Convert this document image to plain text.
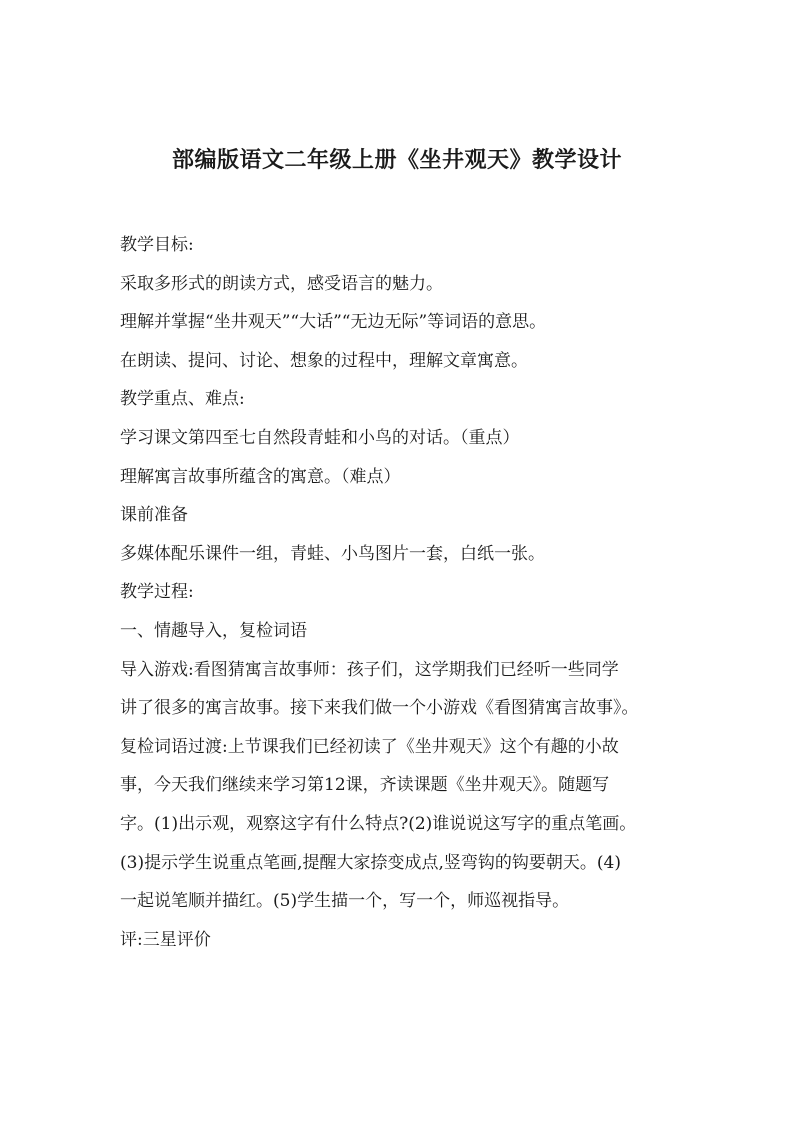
部编版语文二年级上册《坐井观天》教学设计

教学目标:

采取多形式的朗读方式，感受语言的魅力。

理解并掌握“坐井观天”“大话”“无边无际”等词语的意思。

在朗读、提问、讨论、想象的过程中，理解文章寓意。

教学重点、难点:

学习课文第四至七自然段青蛙和小鸟的对话。（重点）

理解寓言故事所蕴含的寓意。（难点）

课前准备

多媒体配乐课件一组，青蛙、小鸟图片一套，白纸一张。

教学过程:

一、情趣导入，复检词语

导入游戏:看图猜寓言故事师：孩子们，这学期我们已经听一些同学

讲了很多的寓言故事。接下来我们做一个小游戏《看图猜寓言故事》。

复检词语过渡:上节课我们已经初读了《坐井观天》这个有趣的小故

事，今天我们继续来学习第12课，齐读课题《坐井观天》。随题写

字。(1)出示观，观察这字有什么特点?(2)谁说说这写字的重点笔画。

(3)提示学生说重点笔画,提醒大家捺变成点,竖弯钩的钩要朝天。(4)

一起说笔顺并描红。(5)学生描一个，写一个，师巡视指导。

评:三星评价
